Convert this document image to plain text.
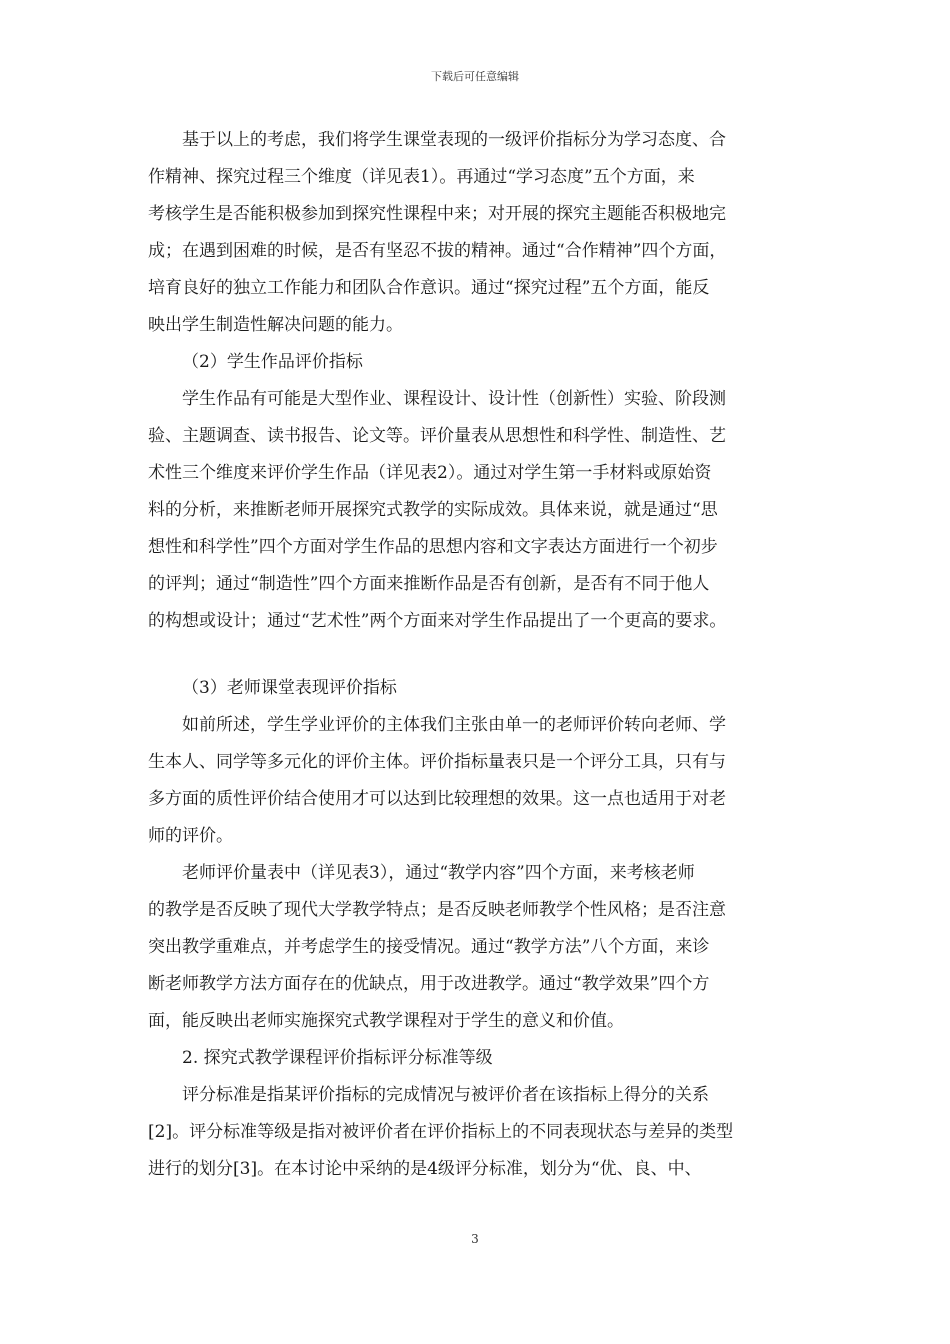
下载后可任意编辑
基于以上的考虑，我们将学生课堂表现的一级评价指标分为学习态度、合
作精神、探究过程三个维度（详见表1）。再通过“学习态度”五个方面，来
考核学生是否能积极参加到探究性课程中来；对开展的探究主题能否积极地完
成；在遇到困难的时候，是否有坚忍不拔的精神。通过“合作精神”四个方面，
培育良好的独立工作能力和团队合作意识。通过“探究过程”五个方面，能反
映出学生制造性解决问题的能力。
（2）学生作品评价指标
学生作品有可能是大型作业、课程设计、设计性（创新性）实验、阶段测
验、主题调查、读书报告、论文等。评价量表从思想性和科学性、制造性、艺
术性三个维度来评价学生作品（详见表2）。通过对学生第一手材料或原始资
料的分析，来推断老师开展探究式教学的实际成效。具体来说，就是通过“思
想性和科学性”四个方面对学生作品的思想内容和文字表达方面进行一个初步
的评判；通过“制造性”四个方面来推断作品是否有创新，是否有不同于他人
的构想或设计；通过“艺术性”两个方面来对学生作品提出了一个更高的要求。
（3）老师课堂表现评价指标
如前所述，学生学业评价的主体我们主张由单一的老师评价转向老师、学
生本人、同学等多元化的评价主体。评价指标量表只是一个评分工具，只有与
多方面的质性评价结合使用才可以达到比较理想的效果。这一点也适用于对老
师的评价。
老师评价量表中（详见表3），通过“教学内容”四个方面，来考核老师
的教学是否反映了现代大学教学特点；是否反映老师教学个性风格；是否注意
突出教学重难点，并考虑学生的接受情况。通过“教学方法”八个方面，来诊
断老师教学方法方面存在的优缺点，用于改进教学。通过“教学效果”四个方
面，能反映出老师实施探究式教学课程对于学生的意义和价值。
2. 探究式教学课程评价指标评分标准等级
评分标准是指某评价指标的完成情况与被评价者在该指标上得分的关系
[2]。评分标准等级是指对被评价者在评价指标上的不同表现状态与差异的类型
进行的划分[3]。在本讨论中采纳的是4级评分标准，划分为“优、良、中、
3
